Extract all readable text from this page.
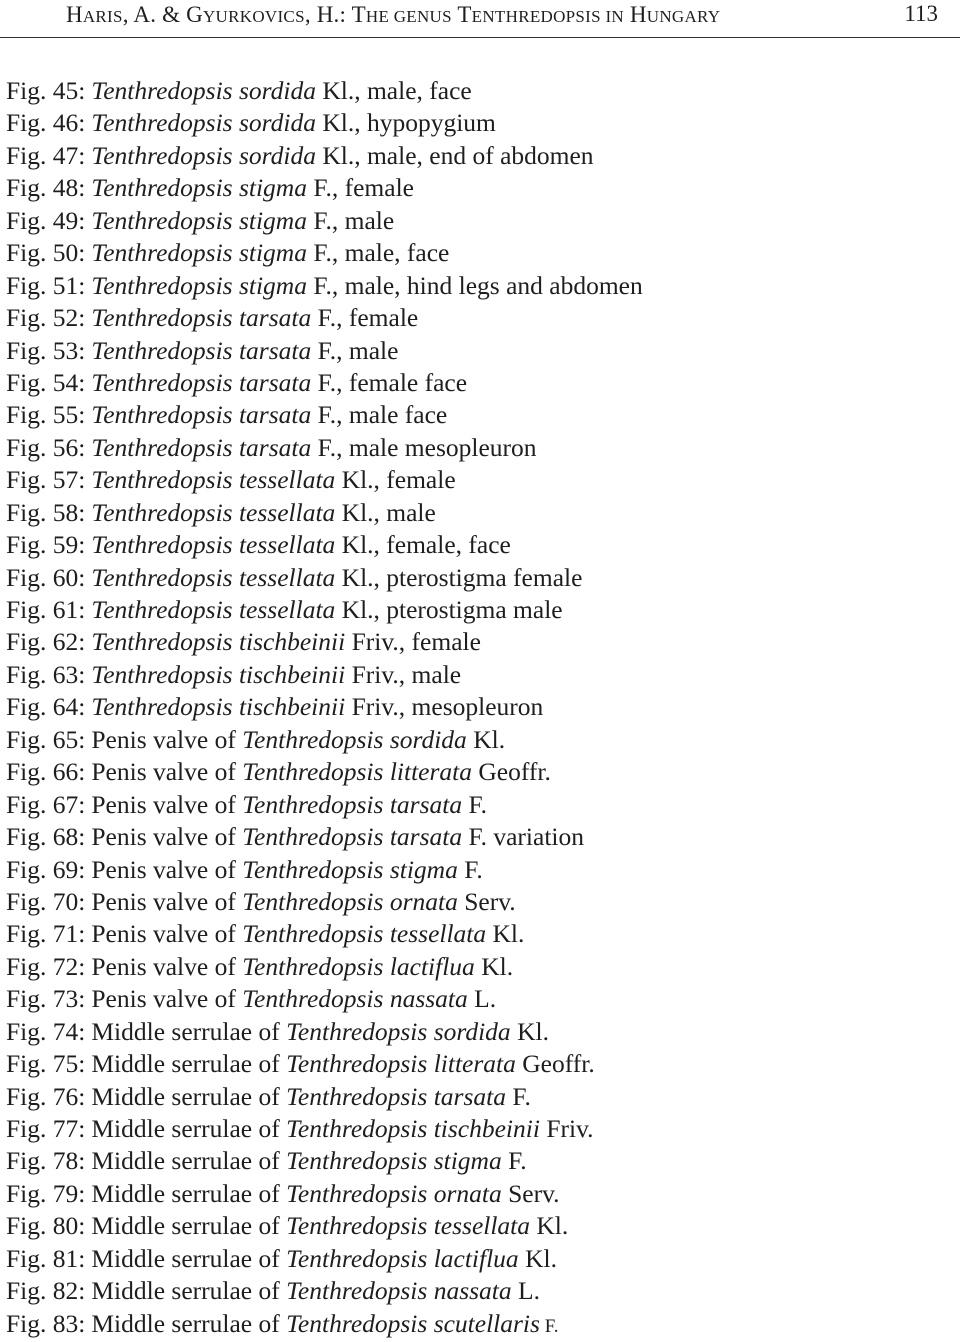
HARIS, A. & GYURKOVICS, H.: THE GENUS TENTHREDOPSIS IN HUNGARY	113
Fig. 45: Tenthredopsis sordida Kl., male, face
Fig. 46: Tenthredopsis sordida Kl., hypopygium
Fig. 47: Tenthredopsis sordida Kl., male, end of abdomen
Fig. 48: Tenthredopsis stigma F., female
Fig. 49: Tenthredopsis stigma F., male
Fig. 50: Tenthredopsis stigma F., male, face
Fig. 51: Tenthredopsis stigma F., male, hind legs and abdomen
Fig. 52: Tenthredopsis tarsata F., female
Fig. 53: Tenthredopsis tarsata F., male
Fig. 54: Tenthredopsis tarsata F., female face
Fig. 55: Tenthredopsis tarsata F., male face
Fig. 56: Tenthredopsis tarsata F., male mesopleuron
Fig. 57: Tenthredopsis tessellata Kl., female
Fig. 58: Tenthredopsis tessellata Kl., male
Fig. 59: Tenthredopsis tessellata Kl., female, face
Fig. 60: Tenthredopsis tessellata Kl., pterostigma female
Fig. 61: Tenthredopsis tessellata Kl., pterostigma male
Fig. 62: Tenthredopsis tischbeinii Friv., female
Fig. 63: Tenthredopsis tischbeinii Friv., male
Fig. 64: Tenthredopsis tischbeinii Friv., mesopleuron
Fig. 65: Penis valve of Tenthredopsis sordida Kl.
Fig. 66: Penis valve of Tenthredopsis litterata Geoffr.
Fig. 67: Penis valve of Tenthredopsis tarsata F.
Fig. 68: Penis valve of Tenthredopsis tarsata F. variation
Fig. 69: Penis valve of Tenthredopsis stigma F.
Fig. 70: Penis valve of Tenthredopsis ornata Serv.
Fig. 71: Penis valve of Tenthredopsis tessellata Kl.
Fig. 72: Penis valve of Tenthredopsis lactiflua Kl.
Fig. 73: Penis valve of Tenthredopsis nassata L.
Fig. 74: Middle serrulae of Tenthredopsis sordida Kl.
Fig. 75: Middle serrulae of Tenthredopsis litterata Geoffr.
Fig. 76: Middle serrulae of Tenthredopsis tarsata F.
Fig. 77: Middle serrulae of Tenthredopsis tischbeinii Friv.
Fig. 78: Middle serrulae of Tenthredopsis stigma F.
Fig. 79: Middle serrulae of Tenthredopsis ornata Serv.
Fig. 80: Middle serrulae of Tenthredopsis tessellata Kl.
Fig. 81: Middle serrulae of Tenthredopsis lactiflua Kl.
Fig. 82: Middle serrulae of Tenthredopsis nassata L.
Fig. 83: Middle serrulae of Tenthredopsis scutellaris F.
